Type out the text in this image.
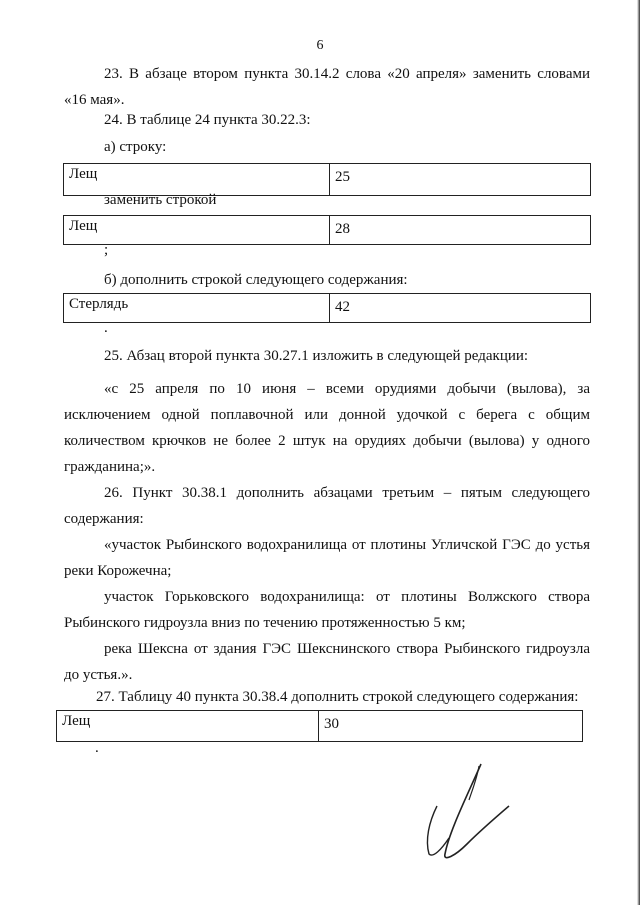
6
23. В абзаце втором пункта 30.14.2 слова «20 апреля» заменить словами «16 мая».
24. В таблице 24 пункта 30.22.3:
а) строку:
Лещ	25
заменить строкой
Лещ	28
;
б) дополнить строкой следующего содержания:
Стерлядь	42
.
25. Абзац второй пункта 30.27.1 изложить в следующей редакции:
«с 25 апреля по 10 июня – всеми орудиями добычи (вылова), за исключением одной поплавочной или донной удочкой с берега с общим количеством крючков не более 2 штук на орудиях добычи (вылова) у одного гражданина;».
26. Пункт 30.38.1 дополнить абзацами третьим – пятым следующего содержания:
«участок Рыбинского водохранилища от плотины Угличской ГЭС до устья реки Корожечна;
участок Горьковского водохранилища: от плотины Волжского створа Рыбинского гидроузла вниз по течению протяженностью 5 км;
река Шексна от здания ГЭС Шекснинского створа Рыбинского гидроузла до устья.».
27. Таблицу 40 пункта 30.38.4 дополнить строкой следующего содержания:
Лещ	30
.
